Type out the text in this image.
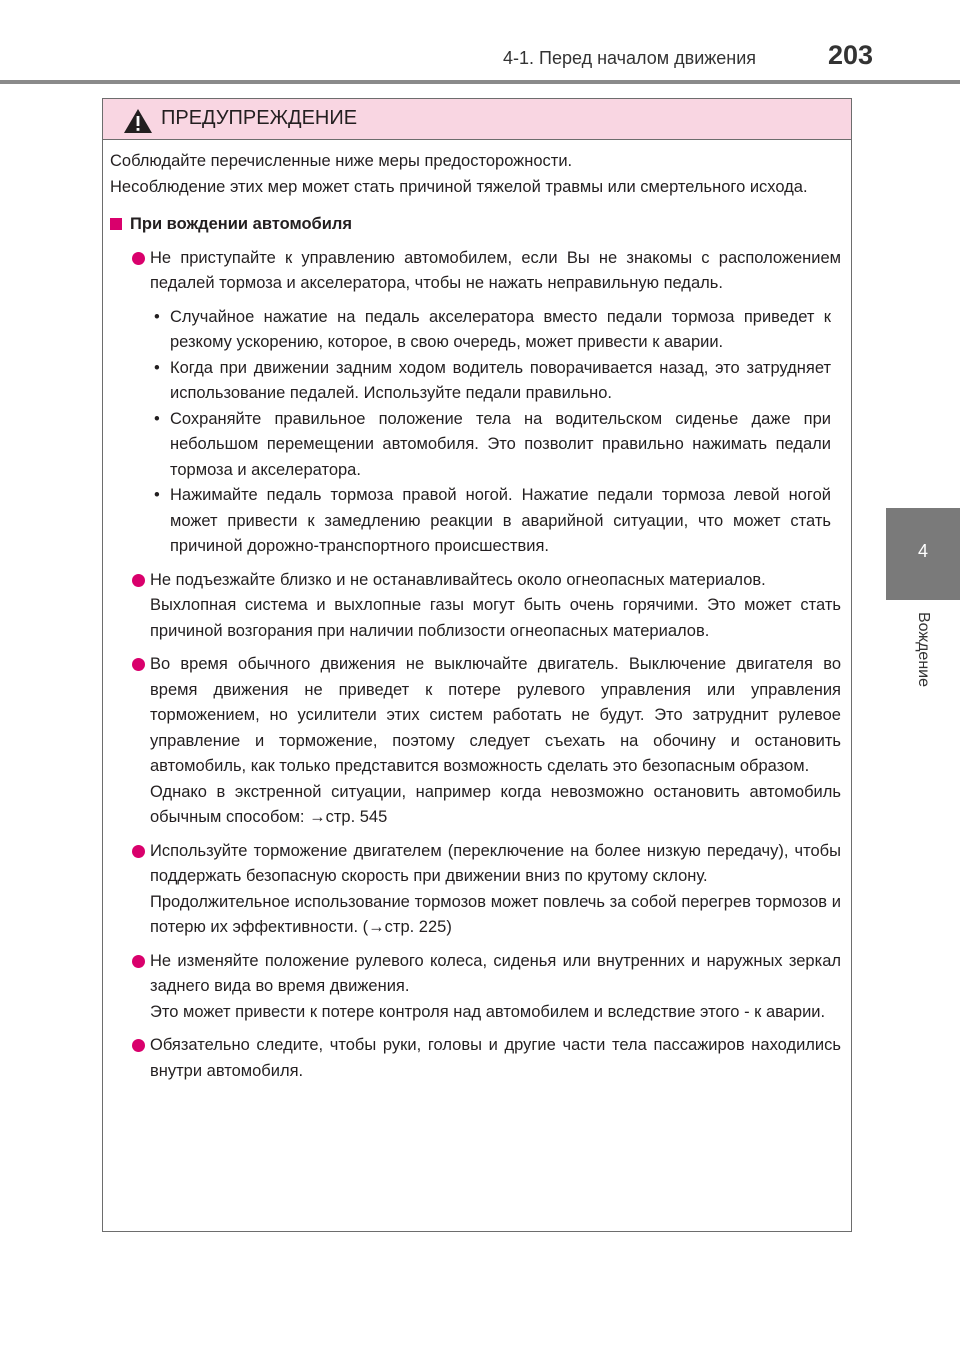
4-1. Перед началом движения	203
4
Вождение
ПРЕДУПРЕЖДЕНИЕ

Соблюдайте перечисленные ниже меры предосторожности.

Несоблюдение этих мер может стать причиной тяжелой травмы или смертельного исхода.

При вождении автомобиля

Не приступайте к управлению автомобилем, если Вы не знакомы с расположением педалей тормоза и акселератора, чтобы не нажать неправильную педаль.

• Случайное нажатие на педаль акселератора вместо педали тормоза приведет к резкому ускорению, которое, в свою очередь, может привести к аварии.
• Когда при движении задним ходом водитель поворачивается назад, это затрудняет использование педалей. Используйте педали правильно.
• Сохраняйте правильное положение тела на водительском сиденье даже при небольшом перемещении автомобиля. Это позволит правильно нажимать педали тормоза и акселератора.
• Нажимайте педаль тормоза правой ногой. Нажатие педали тормоза левой ногой может привести к замедлению реакции в аварийной ситуации, что может стать причиной дорожно-транспортного происшествия.

Не подъезжайте близко и не останавливайтесь около огнеопасных материалов.

Выхлопная система и выхлопные газы могут быть очень горячими. Это может стать причиной возгорания при наличии поблизости огнеопасных материалов.

Во время обычного движения не выключайте двигатель. Выключение двигателя во время движения не приведет к потере рулевого управления или управления торможением, но усилители этих систем работать не будут. Это затруднит рулевое управление и торможение, поэтому следует съехать на обочину и остановить автомобиль, как только представится возможность сделать это безопасным образом.

Однако в экстренной ситуации, например когда невозможно остановить автомобиль обычным способом: →стр. 545

Используйте торможение двигателем (переключение на более низкую передачу), чтобы поддержать безопасную скорость при движении вниз по крутому склону.

Продолжительное использование тормозов может повлечь за собой перегрев тормозов и потерю их эффективности. (→стр. 225)

Не изменяйте положение рулевого колеса, сиденья или внутренних и наружных зеркал заднего вида во время движения.

Это может привести к потере контроля над автомобилем и вследствие этого - к аварии.

Обязательно следите, чтобы руки, головы и другие части тела пассажиров находились внутри автомобиля.
